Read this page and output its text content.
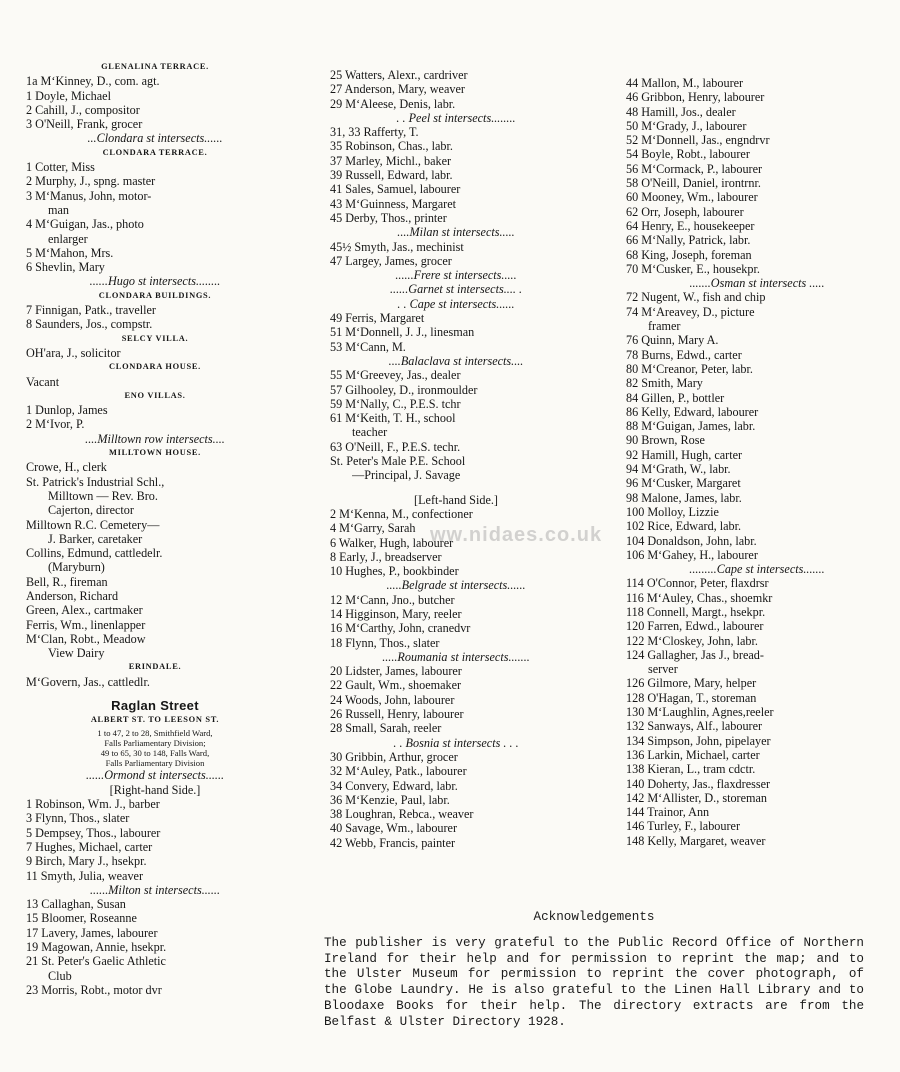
GLENALINA TERRACE.
1a M‘Kinney, D., com. agt.
1 Doyle, Michael
2 Cahill, J., compositor
3 O'Neill, Frank, grocer
...Clondara st intersects......
CLONDARA TERRACE.
1 Cotter, Miss
2 Murphy, J., spng. master
3 M‘Manus, John, motor-
man
4 M‘Guigan, Jas., photo
enlarger
5 M‘Mahon, Mrs.
6 Shevlin, Mary
......Hugo st intersects........
CLONDARA BUILDINGS.
7 Finnigan, Patk., traveller
8 Saunders, Jos., compstr.
SELCY VILLA.
OH'ara, J., solicitor
CLONDARA HOUSE.
Vacant
ENO VILLAS.
1 Dunlop, James
2 M‘Ivor, P.
....Milltown row intersects....
MILLTOWN HOUSE.
Crowe, H., clerk
St. Patrick's Industrial Schl.,
Milltown — Rev. Bro.
Cajerton, director
Milltown R.C. Cemetery—
J. Barker, caretaker
Collins, Edmund, cattledelr.
(Maryburn)
Bell, R., fireman
Anderson, Richard
Green, Alex., cartmaker
Ferris, Wm., linenlapper
M‘Clan, Robt., Meadow
View Dairy
ERINDALE.
M‘Govern, Jas., cattledlr.
Raglan Street
ALBERT ST. TO LEESON ST.
1 to 47, 2 to 28, Smithfield Ward,
Falls Parliamentary Division;
49 to 65, 30 to 148, Falls Ward,
Falls Parliamentary Division
......Ormond st intersects......
[Right-hand Side.]
1 Robinson, Wm. J., barber
3 Flynn, Thos., slater
5 Dempsey, Thos., labourer
7 Hughes, Michael, carter
9 Birch, Mary J., hsekpr.
11 Smyth, Julia, weaver
......Milton st intersects......
13 Callaghan, Susan
15 Bloomer, Roseanne
17 Lavery, James, labourer
19 Magowan, Annie, hsekpr.
21 St. Peter's Gaelic Athletic
Club
23 Morris, Robt., motor dvr
25 Watters, Alexr., cardriver
27 Anderson, Mary, weaver
29 M‘Aleese, Denis, labr.
. . Peel st intersects........
31, 33 Rafferty, T.
35 Robinson, Chas., labr.
37 Marley, Michl., baker
39 Russell, Edward, labr.
41 Sales, Samuel, labourer
43 M‘Guinness, Margaret
45 Derby, Thos., printer
....Milan st intersects.....
45½ Smyth, Jas., mechinist
47 Largey, James, grocer
......Frere st intersects.....
......Garnet st intersects.... .
. . Cape st intersects......
49 Ferris, Margaret
51 M‘Donnell, J. J., linesman
53 M‘Cann, M.
....Balaclava st intersects....
55 M‘Greevey, Jas., dealer
57 Gilhooley, D., ironmoulder
59 M‘Nally, C., P.E.S. tchr
61 M‘Keith, T. H., school
teacher
63 O'Neill, F., P.E.S. techr.
St. Peter's Male P.E. School
—Principal, J. Savage
[Left-hand Side.]
2 M‘Kenna, M., confectioner
4 M‘Garry, Sarah
6 Walker, Hugh, labourer
8 Early, J., breadserver
10 Hughes, P., bookbinder
.....Belgrade st intersects......
12 M‘Cann, Jno., butcher
14 Higginson, Mary, reeler
16 M‘Carthy, John, cranedvr
18 Flynn, Thos., slater
.....Roumania st intersects.......
20 Lidster, James, labourer
22 Gault, Wm., shoemaker
24 Woods, John, labourer
26 Russell, Henry, labourer
28 Small, Sarah, reeler
. . Bosnia st intersects . . .
30 Gribbin, Arthur, grocer
32 M‘Auley, Patk., labourer
34 Convery, Edward, labr.
36 M‘Kenzie, Paul, labr.
38 Loughran, Rebca., weaver
40 Savage, Wm., labourer
42 Webb, Francis, painter
44 Mallon, M., labourer
46 Gribbon, Henry, labourer
48 Hamill, Jos., dealer
50 M‘Grady, J., labourer
52 M‘Donnell, Jas., engndrvr
54 Boyle, Robt., labourer
56 M‘Cormack, P., labourer
58 O'Neill, Daniel, irontrnr.
60 Mooney, Wm., labourer
62 Orr, Joseph, labourer
64 Henry, E., housekeeper
66 M‘Nally, Patrick, labr.
68 King, Joseph, foreman
70 M‘Cusker, E., housekpr.
.......Osman st intersects .....
72 Nugent, W., fish and chip
74 M‘Areavey, D., picture
framer
76 Quinn, Mary A.
78 Burns, Edwd., carter
80 M‘Creanor, Peter, labr.
82 Smith, Mary
84 Gillen, P., bottler
86 Kelly, Edward, labourer
88 M‘Guigan, James, labr.
90 Brown, Rose
92 Hamill, Hugh, carter
94 M‘Grath, W., labr.
96 M‘Cusker, Margaret
98 Malone, James, labr.
100 Molloy, Lizzie
102 Rice, Edward, labr.
104 Donaldson, John, labr.
106 M‘Gahey, H., labourer
.........Cape st intersects.......
114 O'Connor, Peter, flaxdrsr
116 M‘Auley, Chas., shoemkr
118 Connell, Margt., hsekpr.
120 Farren, Edwd., labourer
122 M‘Closkey, John, labr.
124 Gallagher, Jas J., bread-
server
126 Gilmore, Mary, helper
128 O'Hagan, T., storeman
130 M‘Laughlin, Agnes,reeler
132 Sanways, Alf., labourer
134 Simpson, John, pipelayer
136 Larkin, Michael, carter
138 Kieran, L., tram cdctr.
140 Doherty, Jas., flaxdresser
142 M‘Allister, D., storeman
144 Trainor, Ann
146 Turley, F., labourer
148 Kelly, Margaret, weaver
Acknowledgements
The publisher is very grateful to the Public Record Office of Northern Ireland for their help and for permission to reprint the map; and to the Ulster Museum for permission to reprint the cover photograph, of the Globe Laundry. He is also grateful to the Linen Hall Library and to Bloodaxe Books for their help. The directory extracts are from the Belfast & Ulster Directory 1928.
ww.nidaes.co.uk
